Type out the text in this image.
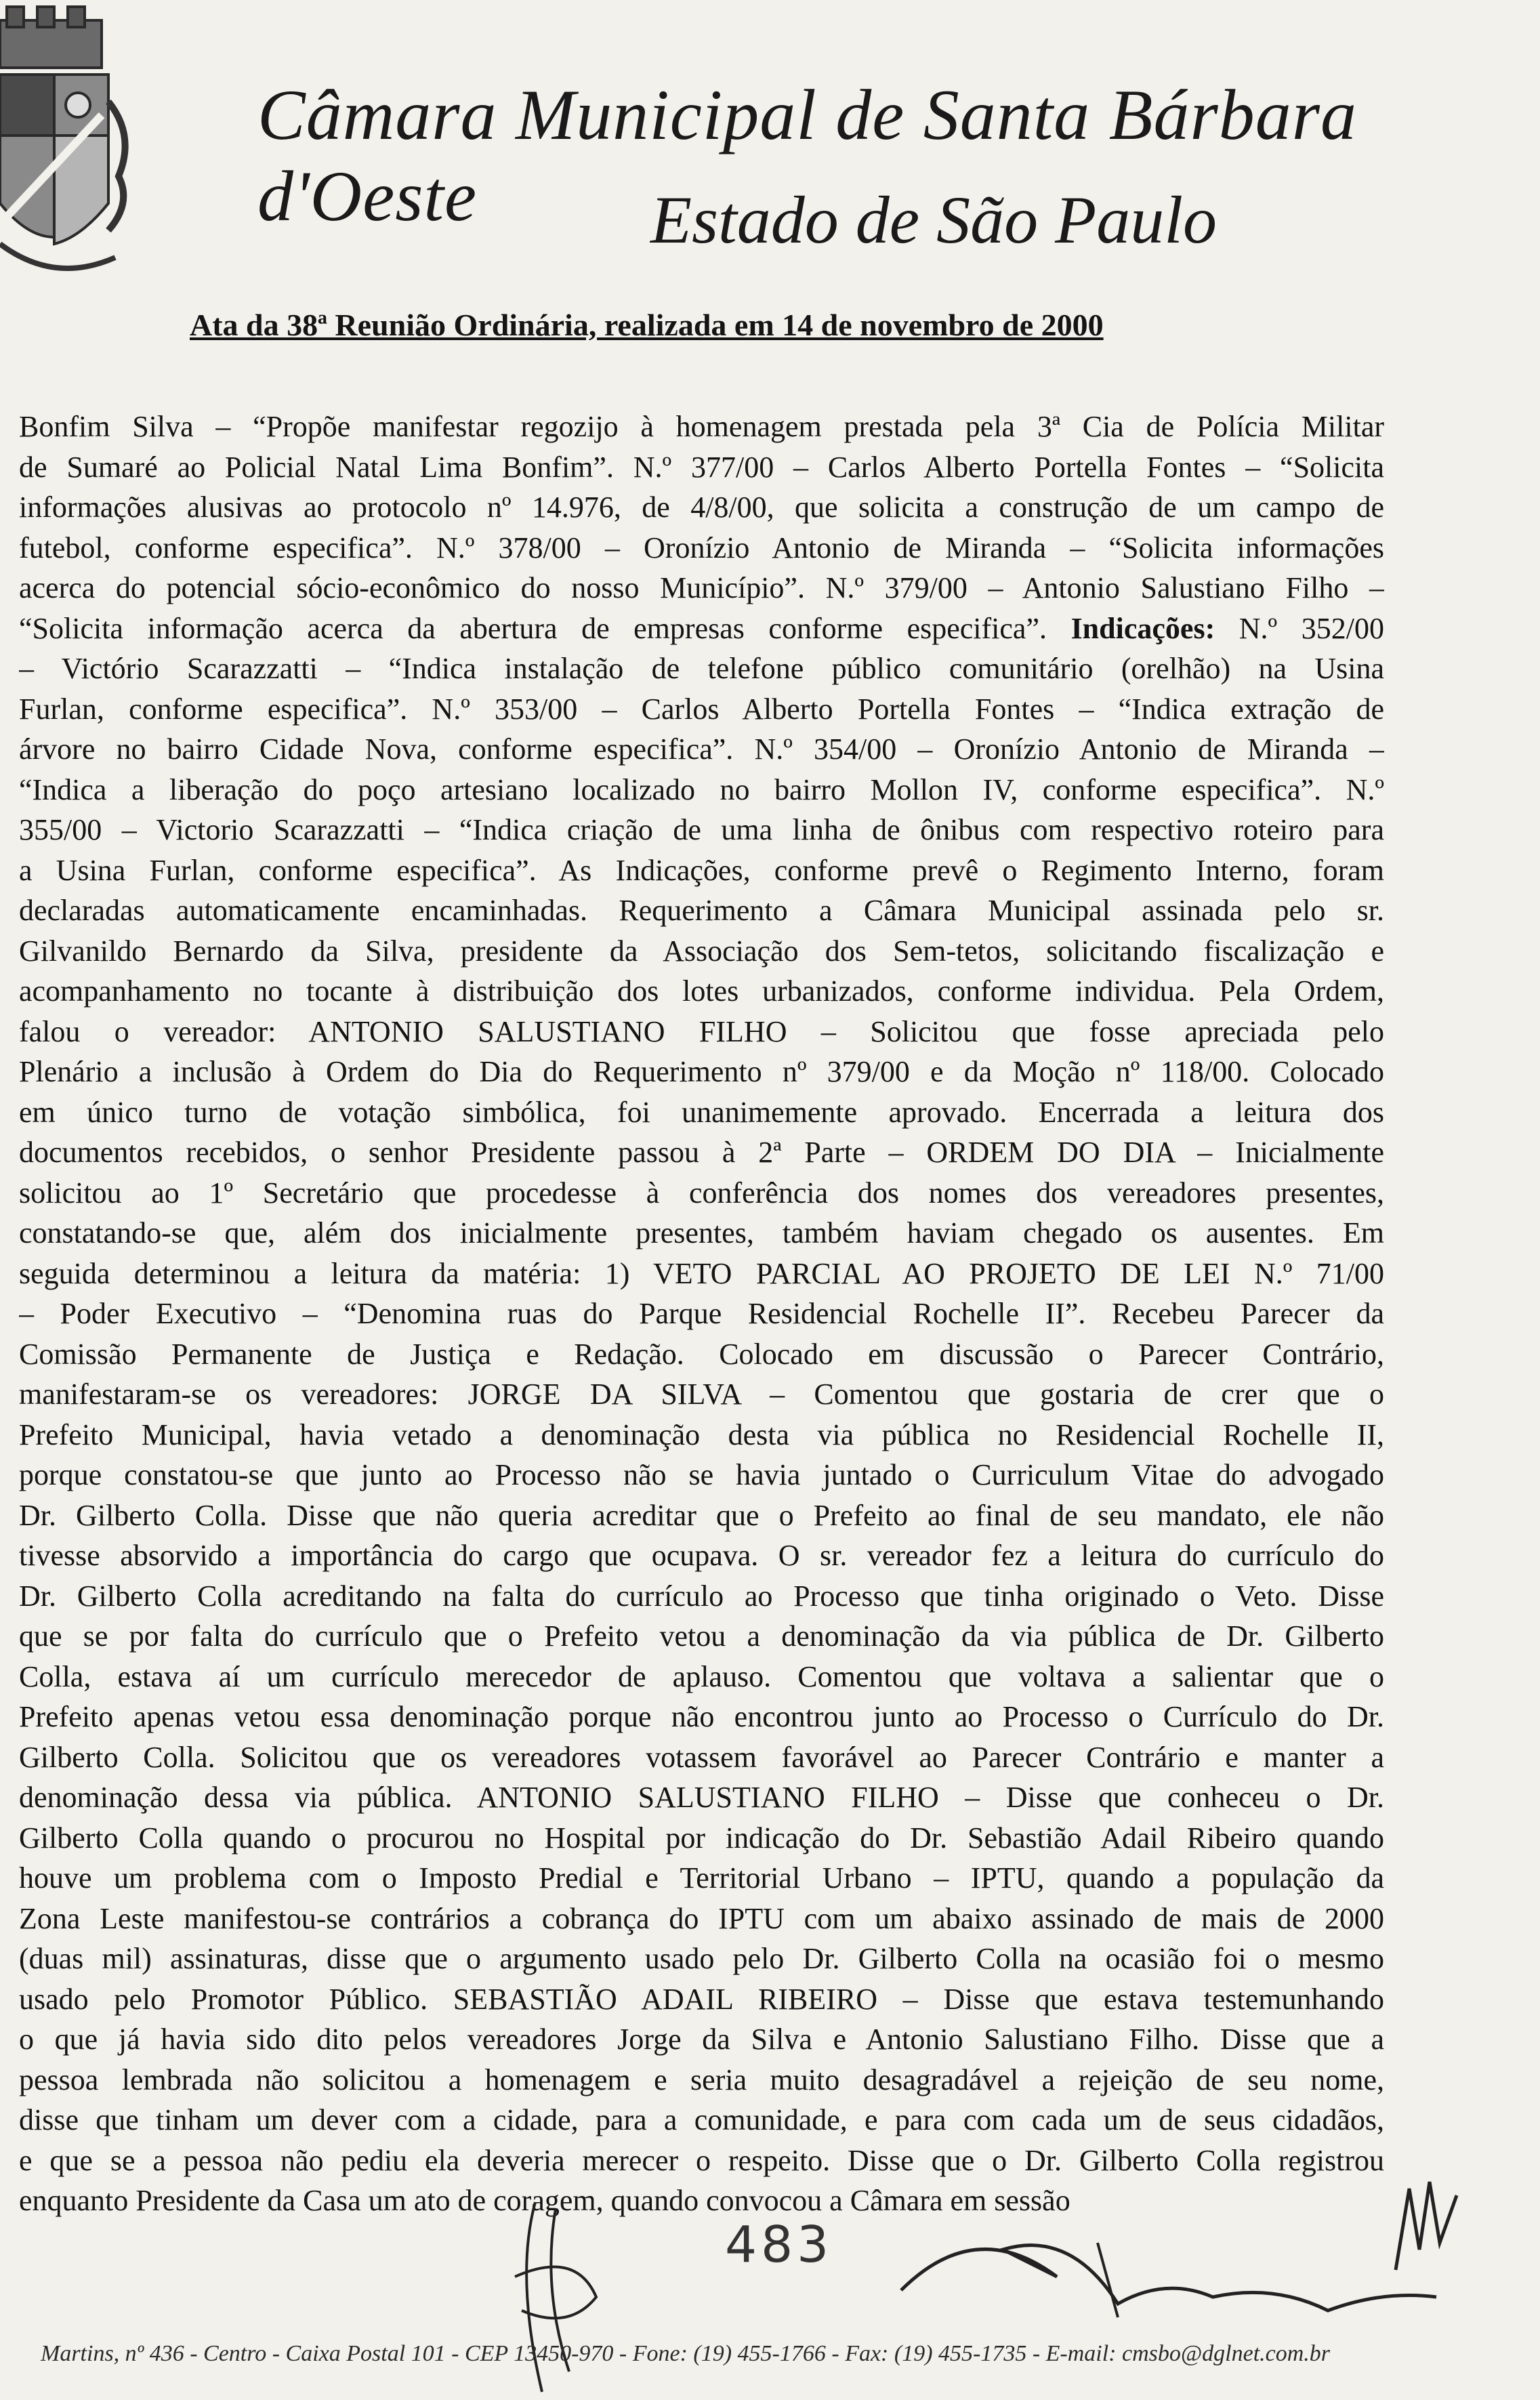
Câmara Municipal de Santa Bárbara d'Oeste	Estado de São Paulo
Ata da 38ª Reunião Ordinária, realizada em 14 de novembro de 2000
Bonfim Silva – “Propõe manifestar regozijo à homenagem prestada pela 3ª Cia de Polícia Militar
de Sumaré ao Policial Natal Lima Bonfim”. N.º 377/00 – Carlos Alberto Portella Fontes – “Solicita
informações alusivas ao protocolo nº 14.976, de 4/8/00, que solicita a construção de um campo de
futebol, conforme especifica”. N.º 378/00 – Oronízio Antonio de Miranda – “Solicita informações
acerca do potencial sócio-econômico do nosso Município”. N.º 379/00 – Antonio Salustiano Filho –
“Solicita informação acerca da abertura de empresas conforme especifica”. Indicações: N.º 352/00
– Victório Scarazzatti – “Indica instalação de telefone público comunitário (orelhão) na Usina
Furlan, conforme especifica”. N.º 353/00 – Carlos Alberto Portella Fontes – “Indica extração de
árvore no bairro Cidade Nova, conforme especifica”. N.º 354/00 – Oronízio Antonio de Miranda –
“Indica a liberação do poço artesiano localizado no bairro Mollon IV, conforme especifica”. N.º
355/00 – Victorio Scarazzatti – “Indica criação de uma linha de ônibus com respectivo roteiro para
a Usina Furlan, conforme especifica”. As Indicações, conforme prevê o Regimento Interno, foram
declaradas automaticamente encaminhadas. Requerimento a Câmara Municipal assinada pelo sr.
Gilvanildo Bernardo da Silva, presidente da Associação dos Sem-tetos, solicitando fiscalização e
acompanhamento no tocante à distribuição dos lotes urbanizados, conforme individua. Pela Ordem,
falou o vereador: ANTONIO SALUSTIANO FILHO – Solicitou que fosse apreciada pelo
Plenário a inclusão à Ordem do Dia do Requerimento nº 379/00 e da Moção nº 118/00. Colocado
em único turno de votação simbólica, foi unanimemente aprovado. Encerrada a leitura dos
documentos recebidos, o senhor Presidente passou à 2ª Parte – ORDEM DO DIA – Inicialmente
solicitou ao 1º Secretário que procedesse à conferência dos nomes dos vereadores presentes,
constatando-se que, além dos inicialmente presentes, também haviam chegado os ausentes. Em
seguida determinou a leitura da matéria: 1) VETO PARCIAL AO PROJETO DE LEI N.º 71/00
– Poder Executivo – “Denomina ruas do Parque Residencial Rochelle II”. Recebeu Parecer da
Comissão Permanente de Justiça e Redação. Colocado em discussão o Parecer Contrário,
manifestaram-se os vereadores: JORGE DA SILVA – Comentou que gostaria de crer que o
Prefeito Municipal, havia vetado a denominação desta via pública no Residencial Rochelle II,
porque constatou-se que junto ao Processo não se havia juntado o Curriculum Vitae do advogado
Dr. Gilberto Colla. Disse que não queria acreditar que o Prefeito ao final de seu mandato, ele não
tivesse absorvido a importância do cargo que ocupava. O sr. vereador fez a leitura do currículo do
Dr. Gilberto Colla acreditando na falta do currículo ao Processo que tinha originado o Veto. Disse
que se por falta do currículo que o Prefeito vetou a denominação da via pública de Dr. Gilberto
Colla, estava aí um currículo merecedor de aplauso. Comentou que voltava a salientar que o
Prefeito apenas vetou essa denominação porque não encontrou junto ao Processo o Currículo do Dr.
Gilberto Colla. Solicitou que os vereadores votassem favorável ao Parecer Contrário e manter a
denominação dessa via pública. ANTONIO SALUSTIANO FILHO – Disse que conheceu o Dr.
Gilberto Colla quando o procurou no Hospital por indicação do Dr. Sebastião Adail Ribeiro quando
houve um problema com o Imposto Predial e Territorial Urbano – IPTU, quando a população da
Zona Leste manifestou-se contrários a cobrança do IPTU com um abaixo assinado de mais de 2000
(duas mil) assinaturas, disse que o argumento usado pelo Dr. Gilberto Colla na ocasião foi o mesmo
usado pelo Promotor Público. SEBASTIÃO ADAIL RIBEIRO – Disse que estava testemunhando
o que já havia sido dito pelos vereadores Jorge da Silva e Antonio Salustiano Filho. Disse que a
pessoa lembrada não solicitou a homenagem e seria muito desagradável a rejeição de seu nome,
disse que tinham um dever com a cidade, para a comunidade, e para com cada um de seus cidadãos,
e que se a pessoa não pediu ela deveria merecer o respeito. Disse que o Dr. Gilberto Colla registrou
enquanto Presidente da Casa um ato de coragem, quando convocou a Câmara em sessão
483
Martins, nº 436 - Centro - Caixa Postal 101 - CEP 13450-970 - Fone: (19) 455-1766 - Fax: (19) 455-1735 - E-mail: cmsbo@dglnet.com.br
